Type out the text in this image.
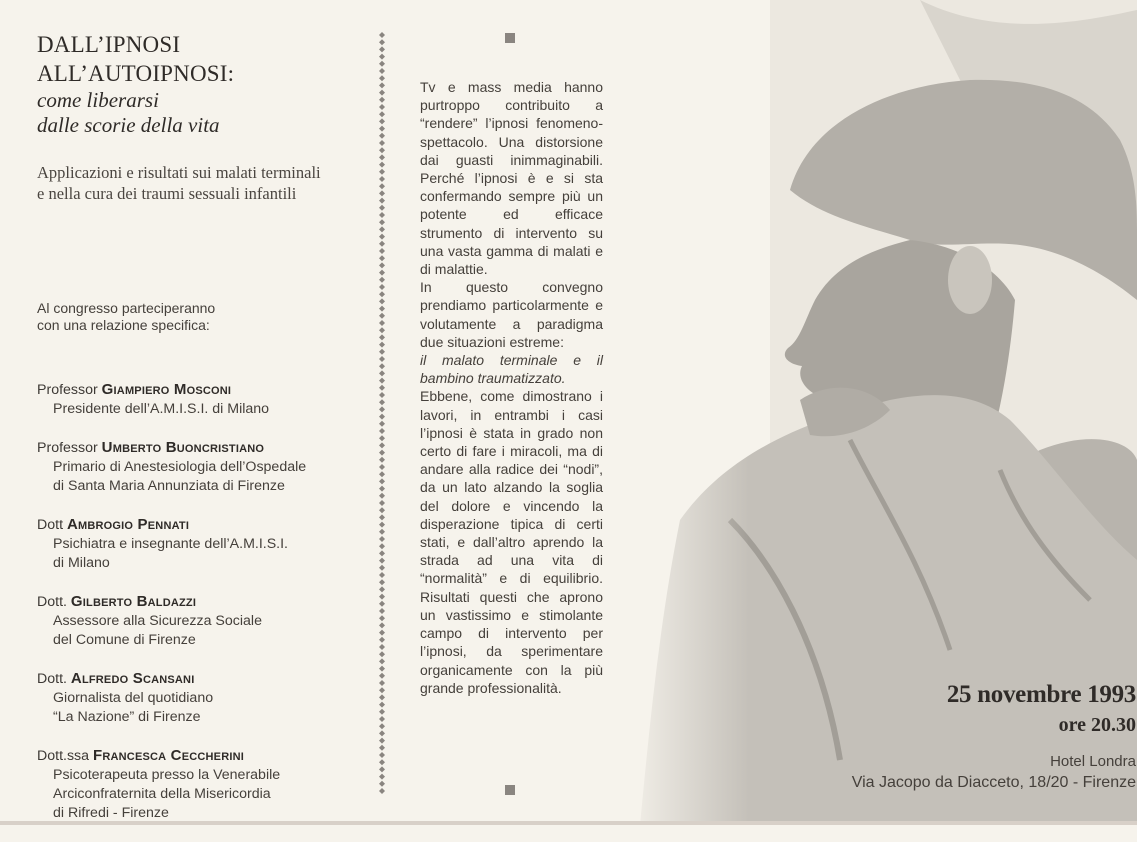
DALL’IPNOSI

ALL’AUTOIPNOSI:

come liberarsi

dalle scorie della vita

Applicazioni e risultati sui malati terminali
e nella cura dei traumi sessuali infantili

Al congresso parteciperanno
con una relazione specifica:

Professor Giampiero Mosconi
Presidente dell’A.M.I.S.I. di Milano
Professor Umberto Buoncristiano
Primario di Anestesiologia dell’Ospedale
di Santa Maria Annunziata di Firenze
Dott Ambrogio Pennati
Psichiatra e insegnante dell’A.M.I.S.I.
di Milano
Dott. Gilberto Baldazzi
Assessore alla Sicurezza Sociale
del Comune di Firenze
Dott. Alfredo Scansani
Giornalista del quotidiano
“La Nazione” di Firenze
Dott.ssa Francesca Ceccherini
Psicoterapeuta presso la Venerabile
Arciconfraternita della Misericordia
di Rifredi - Firenze

Tv e mass media hanno purtroppo contribuito a “rendere” l’ipnosi fenomeno-spettacolo. Una distorsione dai guasti inimmaginabili. Perché l’ipnosi è e si sta confermando sempre più un potente ed efficace strumento di intervento su una vasta gamma di malati e di malattie.

In questo convegno prendiamo particolarmente e volutamente a paradigma due situazioni estreme:

il malato terminale e il bambino traumatizzato.

Ebbene, come dimostrano i lavori, in entrambi i casi l’ipnosi è stata in grado non certo di fare i miracoli, ma di andare alla radice dei “nodi”, da un lato alzando la soglia del dolore e vincendo la disperazione tipica di certi stati, e dall’altro aprendo la strada ad una vita di “normalità” e di equilibrio. Risultati questi che aprono un vastissimo e stimolante campo di intervento per l’ipnosi, da sperimentare organicamente con la più grande professionalità.	25 novembre 1993

ore 20.30

Hotel Londra

Via Jacopo da Diacceto, 18/20 - Firenze
